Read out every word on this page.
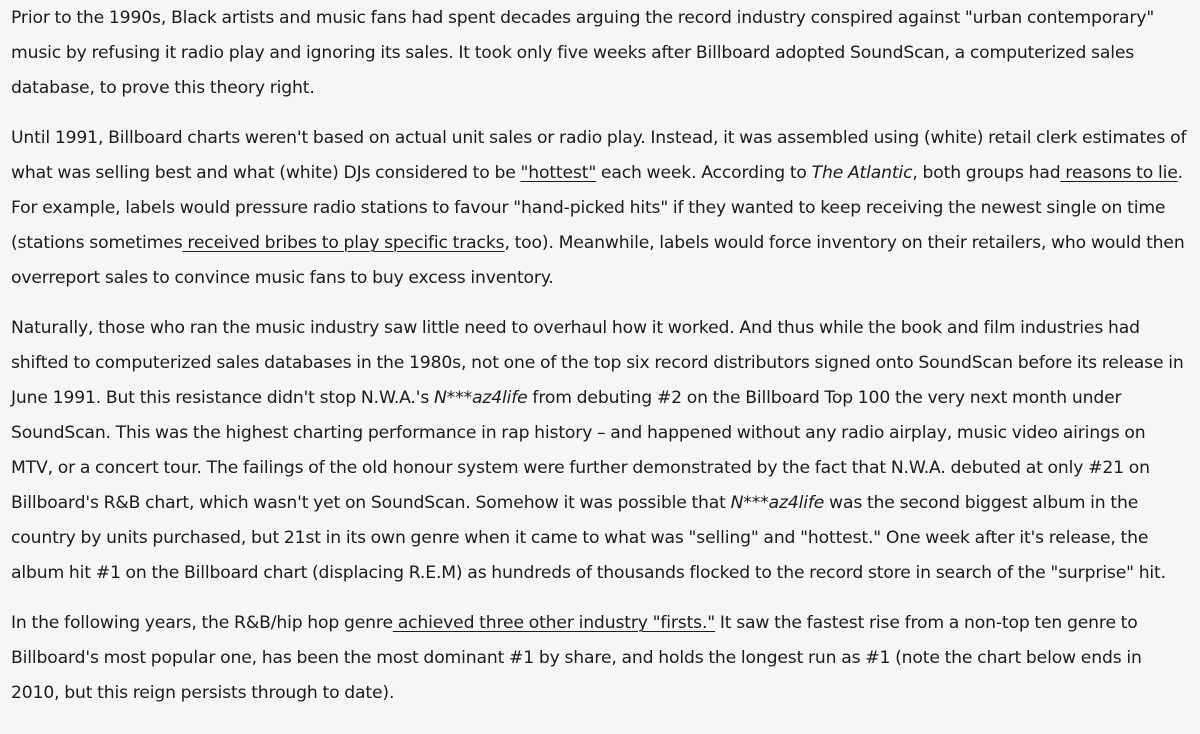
Prior to the 1990s, Black artists and music fans had spent decades arguing the record industry conspired against "urban contemporary" music by refusing it radio play and ignoring its sales. It took only five weeks after Billboard adopted SoundScan, a computerized sales database, to prove this theory right.

Until 1991, Billboard charts weren't based on actual unit sales or radio play. Instead, it was assembled using (white) retail clerk estimates of what was selling best and what (white) DJs considered to be "hottest" each week. According to The Atlantic, both groups had reasons to lie. For example, labels would pressure radio stations to favour "hand-picked hits" if they wanted to keep receiving the newest single on time (stations sometimes received bribes to play specific tracks, too). Meanwhile, labels would force inventory on their retailers, who would then overreport sales to convince music fans to buy excess inventory.

Naturally, those who ran the music industry saw little need to overhaul how it worked. And thus while the book and film industries had shifted to computerized sales databases in the 1980s, not one of the top six record distributors signed onto SoundScan before its release in June 1991. But this resistance didn't stop N.W.A.'s N***az4life from debuting #2 on the Billboard Top 100 the very next month under SoundScan. This was the highest charting performance in rap history – and happened without any radio airplay, music video airings on MTV, or a concert tour. The failings of the old honour system were further demonstrated by the fact that N.W.A. debuted at only #21 on Billboard's R&B chart, which wasn't yet on SoundScan. Somehow it was possible that N***az4life was the second biggest album in the country by units purchased, but 21st in its own genre when it came to what was "selling" and "hottest." One week after it's release, the album hit #1 on the Billboard chart (displacing R.E.M) as hundreds of thousands flocked to the record store in search of the "surprise" hit.

In the following years, the R&B/hip hop genre achieved three other industry "firsts." It saw the fastest rise from a non-top ten genre to Billboard's most popular one, has been the most dominant #1 by share, and holds the longest run as #1 (note the chart below ends in 2010, but this reign persists through to date).
